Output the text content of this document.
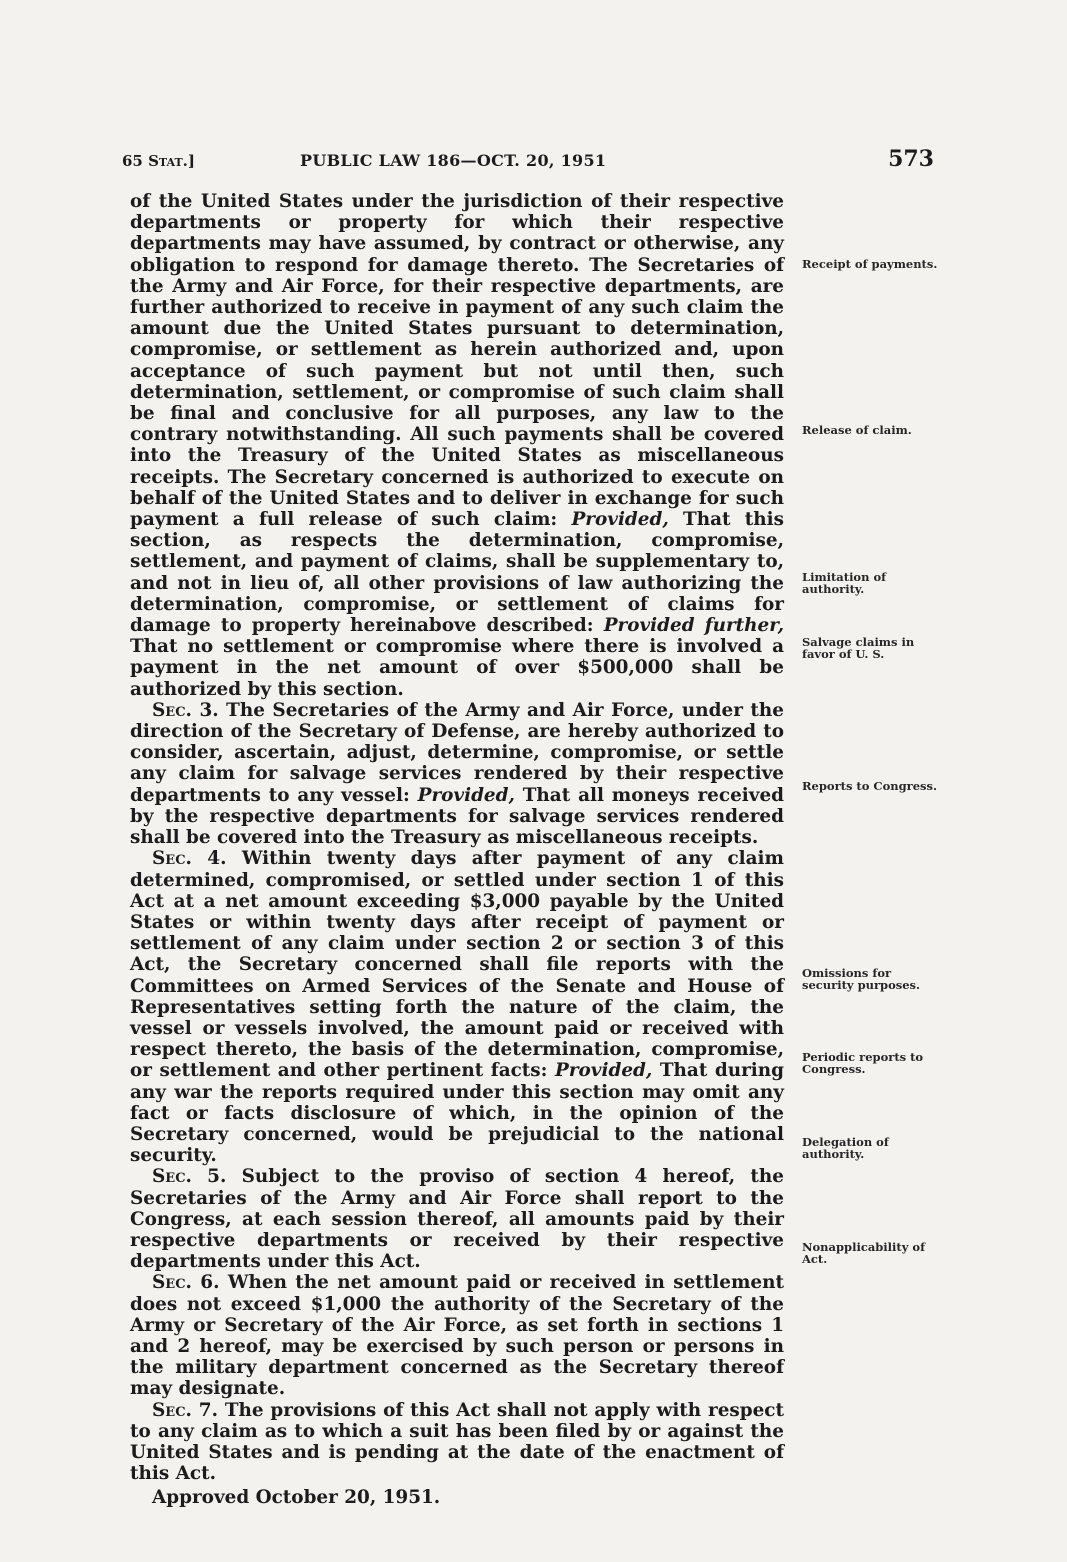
65 Stat.]	PUBLIC LAW 186—OCT. 20, 1951	573

of the United States under the jurisdiction of their respective departments or property for which their respective departments may have assumed, by contract or otherwise, any obligation to respond for damage thereto. The Secretaries of the Army and Air Force, for their respective departments, are further authorized to receive in payment of any such claim the amount due the United States pursuant to determination, compromise, or settlement as herein authorized and, upon acceptance of such payment but not until then, such determination, settlement, or compromise of such claim shall be final and conclusive for all purposes, any law to the contrary notwithstanding. All such payments shall be covered into the Treasury of the United States as miscellaneous receipts. The Secretary concerned is authorized to execute on behalf of the United States and to deliver in exchange for such payment a full release of such claim: Provided, That this section, as respects the determination, compromise, settlement, and payment of claims, shall be supplementary to, and not in lieu of, all other provisions of law authorizing the determination, compromise, or settlement of claims for damage to property hereinabove described: Provided further, That no settlement or compromise where there is involved a payment in the net amount of over $500,000 shall be authorized by this section.

Sec. 3. The Secretaries of the Army and Air Force, under the direction of the Secretary of Defense, are hereby authorized to consider, ascertain, adjust, determine, compromise, or settle any claim for salvage services rendered by their respective departments to any vessel: Provided, That all moneys received by the respective departments for salvage services rendered shall be covered into the Treasury as miscellaneous receipts.

Sec. 4. Within twenty days after payment of any claim determined, compromised, or settled under section 1 of this Act at a net amount exceeding $3,000 payable by the United States or within twenty days after receipt of payment or settlement of any claim under section 2 or section 3 of this Act, the Secretary concerned shall file reports with the Committees on Armed Services of the Senate and House of Representatives setting forth the nature of the claim, the vessel or vessels involved, the amount paid or received with respect thereto, the basis of the determination, compromise, or settlement and other pertinent facts: Provided, That during any war the reports required under this section may omit any fact or facts disclosure of which, in the opinion of the Secretary concerned, would be prejudicial to the national security.

Sec. 5. Subject to the proviso of section 4 hereof, the Secretaries of the Army and Air Force shall report to the Congress, at each session thereof, all amounts paid by their respective departments or received by their respective departments under this Act.

Sec. 6. When the net amount paid or received in settlement does not exceed $1,000 the authority of the Secretary of the Army or Secretary of the Air Force, as set forth in sections 1 and 2 hereof, may be exercised by such person or persons in the military department concerned as the Secretary thereof may designate.

Sec. 7. The provisions of this Act shall not apply with respect to any claim as to which a suit has been filed by or against the United States and is pending at the date of the enactment of this Act.

Approved October 20, 1951.

Receipt of payments.
Release of claim.
Limitation of authority.
Salvage claims in favor of U. S.
Reports to Congress.
Omissions for security purposes.
Periodic reports to Congress.
Delegation of authority.
Nonapplicability of Act.
